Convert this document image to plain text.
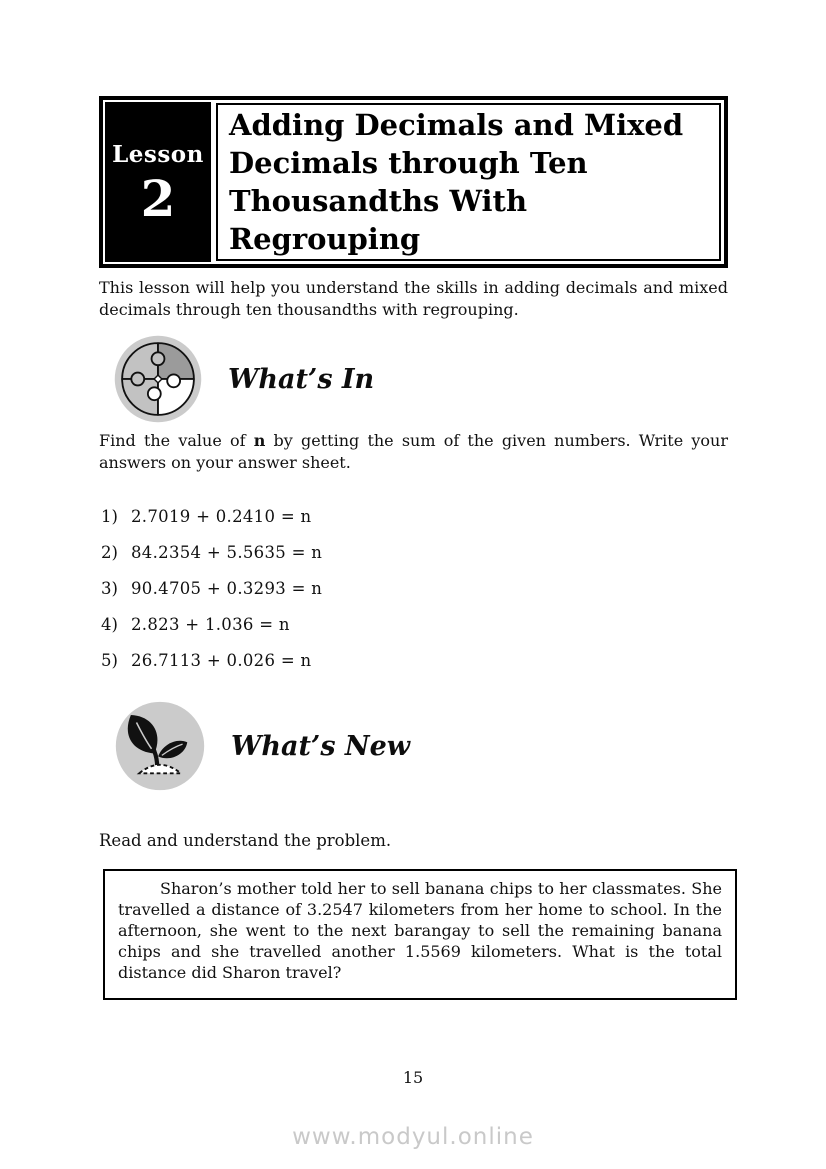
Lesson
2
Adding Decimals and Mixed
Decimals through Ten
Thousandths With
Regrouping

This lesson will help you understand the skills in adding decimals and mixed decimals through ten thousandths with regrouping.

What’s In

Find the value of n by getting the sum of the given numbers. Write your answers on your answer sheet.

1) 2.7019 + 0.2410 = n
2) 84.2354 + 5.5635 = n
3) 90.4705 + 0.3293 = n
4) 2.823 + 1.036 = n
5) 26.7113 + 0.026 = n
What’s New

Read and understand the problem.

Sharon’s mother told her to sell banana chips to her classmates. She travelled a distance of 3.2547 kilometers from her home to school. In the afternoon, she went to the next barangay to sell the remaining banana chips and she travelled another 1.5569 kilometers. What is the total distance did Sharon travel?

15
www.modyul.online
